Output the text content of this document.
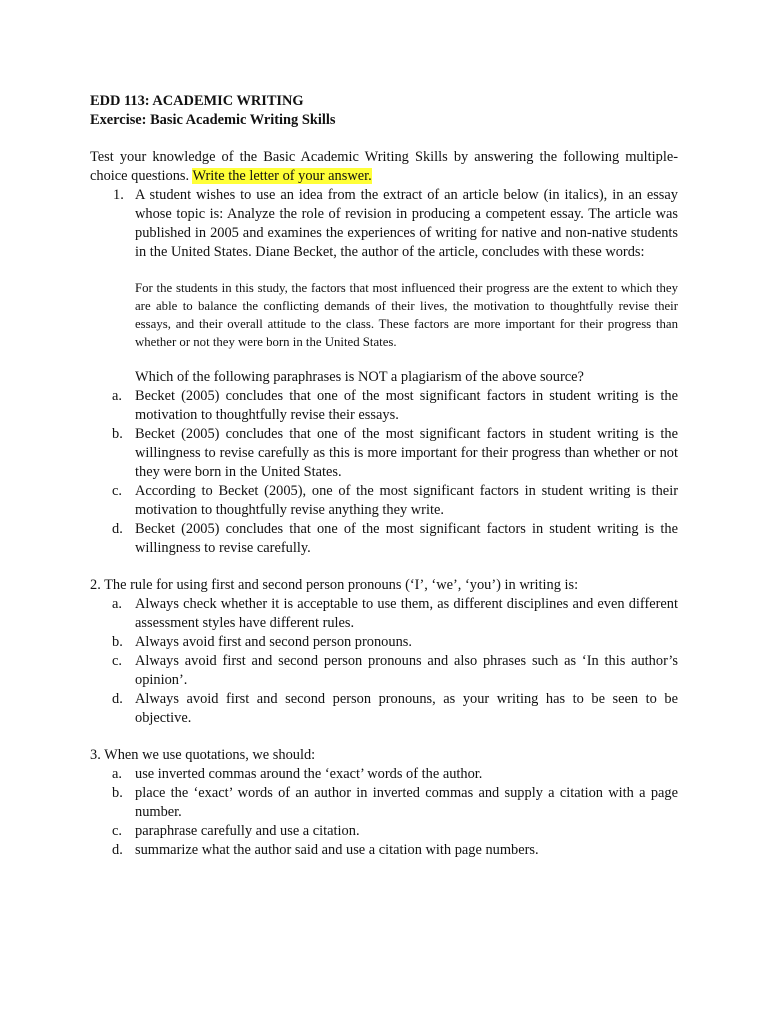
EDD 113: ACADEMIC WRITING

Exercise: Basic Academic Writing Skills

Test your knowledge of the Basic Academic Writing Skills by answering the following multiple-choice questions. Write the letter of your answer.

1. A student wishes to use an idea from the extract of an article below (in italics), in an essay whose topic is: Analyze the role of revision in producing a competent essay. The article was published in 2005 and examines the experiences of writing for native and non-native students in the United States. Diane Becket, the author of the article, concludes with these words:
For the students in this study, the factors that most influenced their progress are the extent to which they are able to balance the conflicting demands of their lives, the motivation to thoughtfully revise their essays, and their overall attitude to the class. These factors are more important for their progress than whether or not they were born in the United States.
Which of the following paraphrases is NOT a plagiarism of the above source?
a. Becket (2005) concludes that one of the most significant factors in student writing is the motivation to thoughtfully revise their essays.
b. Becket (2005) concludes that one of the most significant factors in student writing is the willingness to revise carefully as this is more important for their progress than whether or not they were born in the United States.
c. According to Becket (2005), one of the most significant factors in student writing is their motivation to thoughtfully revise anything they write.
d. Becket (2005) concludes that one of the most significant factors in student writing is the willingness to revise carefully.

2. The rule for using first and second person pronouns (‘I’, ‘we’, ‘you’) in writing is:

a. Always check whether it is acceptable to use them, as different disciplines and even different assessment styles have different rules.
b. Always avoid first and second person pronouns.
c. Always avoid first and second person pronouns and also phrases such as ‘In this author’s opinion’.
d. Always avoid first and second person pronouns, as your writing has to be seen to be objective.

3. When we use quotations, we should:

a. use inverted commas around the ‘exact’ words of the author.
b. place the ‘exact’ words of an author in inverted commas and supply a citation with a page number.
c. paraphrase carefully and use a citation.
d. summarize what the author said and use a citation with page numbers.
